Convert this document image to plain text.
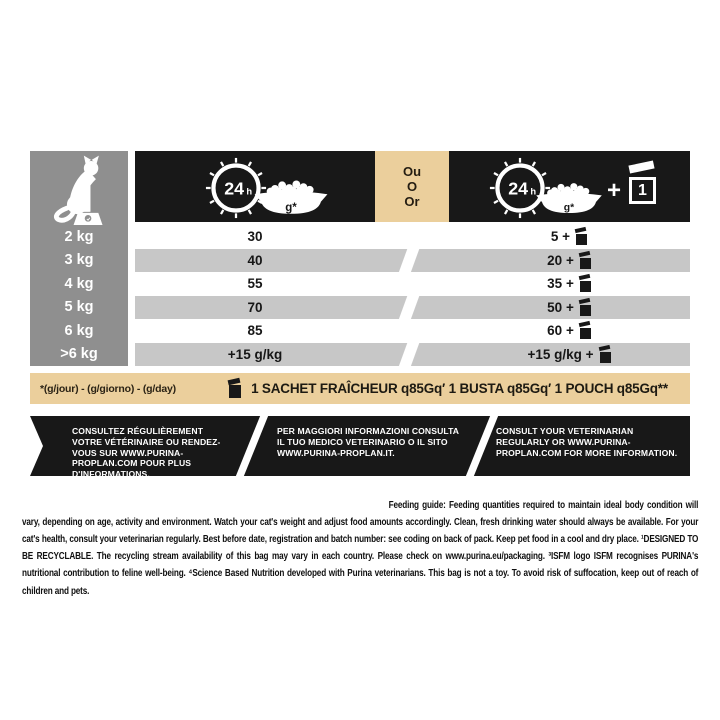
24 h
g*
Ou
O
Or
24 h
g*
+	1
2 kg	30	5 +
3 kg	40	20 +
4 kg	55	35 +
5 kg	70	50 +
6 kg	85	60 +
>6 kg	+15 g/kg	+15 g/kg +
*(g/jour) - (g/giorno) - (g/day)	1 SACHET FRAÎCHEUR q85Gq′ 1 BUSTA q85Gq′ 1 POUCH q85Gq**
CONSULTEZ RÉGULIÈREMENT VOTRE VÉTÉRINAIRE OU RENDEZ-VOUS SUR WWW.PURINA-PROPLAN.COM POUR PLUS D'INFORMATIONS.
PER MAGGIORI INFORMAZIONI CONSULTA IL TUO MEDICO VETERINARIO O IL SITO WWW.PURINA-PROPLAN.IT.
CONSULT YOUR VETERINARIAN REGULARLY OR WWW.PURINA-PROPLAN.COM FOR MORE INFORMATION.

Feeding guide: Feeding quantities required to maintain ideal body condition will vary, depending on age, activity and environment. Watch your cat's weight and adjust food amounts accordingly. Clean, fresh drinking water should always be available. For your cat's health, consult your veterinarian regularly. Best before date, registration and batch number: see coding on back of pack. Keep pet food in a cool and dry place. ¹DESIGNED TO BE RECYCLABLE. The recycling stream availability of this bag may vary in each country. Please check on www.purina.eu/packaging. ³ISFM logo ISFM recognises PURINA's nutritional contribution to feline well-being. ⁴Science Based Nutrition developed with Purina veterinarians. This bag is not a toy. To avoid risk of suffocation, keep out of reach of children and pets.
